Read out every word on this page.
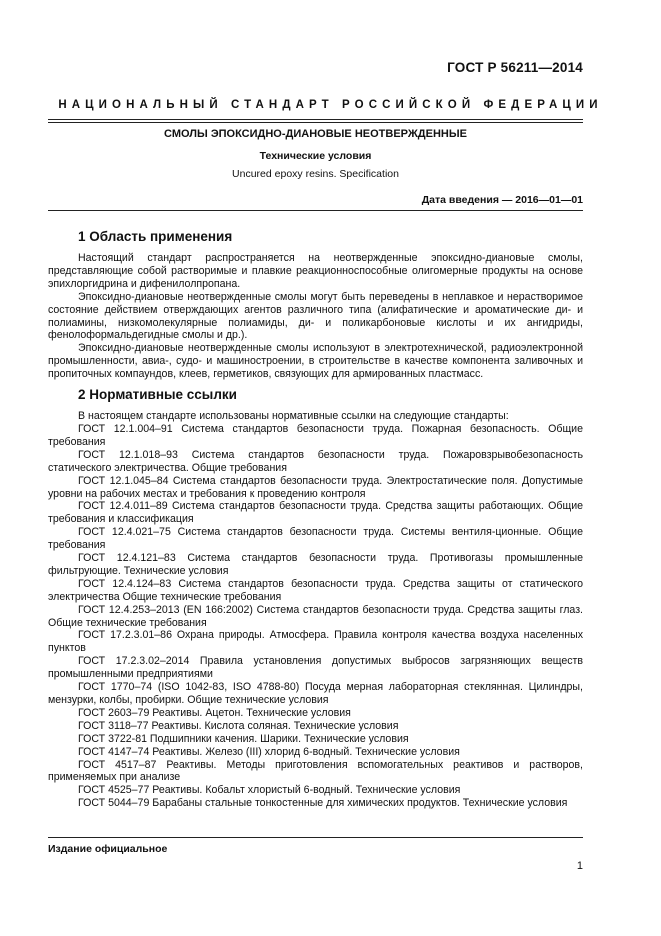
ГОСТ Р 56211—2014
НАЦИОНАЛЬНЫЙ СТАНДАРТ РОССИЙСКОЙ ФЕДЕРАЦИИ
СМОЛЫ ЭПОКСИДНО-ДИАНОВЫЕ НЕОТВЕРЖДЕННЫЕ
Технические условия
Uncured epoxy resins. Specification
Дата введения — 2016—01—01
1 Область применения

Настоящий стандарт распространяется на неотвержденные эпоксидно-диановые смолы, представляющие собой растворимые и плавкие реакционноспособные олигомерные продукты на основе эпихлоргидрина и дифенилолпропана.

Эпоксидно-диановые неотвержденные смолы могут быть переведены в неплавкое и нерастворимое состояние действием отверждающих агентов различного типа (алифатические и ароматические ди- и полиамины, низкомолекулярные полиамиды, ди- и поликарбоновые кислоты и их ангидриды, фенолоформальдегидные смолы и др.).

Эпоксидно-диановые неотвержденные смолы используют в электротехнической, радиоэлектронной промышленности, авиа-, судо- и машиностроении, в строительстве в качестве компонента заливочных и пропиточных компаундов, клеев, герметиков, связующих для армированных пластмасс.

2 Нормативные ссылки

В настоящем стандарте использованы нормативные ссылки на следующие стандарты:

ГОСТ 12.1.004–91 Система стандартов безопасности труда. Пожарная безопасность. Общие требования

ГОСТ 12.1.018–93 Система стандартов безопасности труда. Пожаровзрывобезопасность статического электричества. Общие требования

ГОСТ 12.1.045–84 Система стандартов безопасности труда. Электростатические поля. Допустимые уровни на рабочих местах и требования к проведению контроля

ГОСТ 12.4.011–89 Система стандартов безопасности труда. Средства защиты работающих. Общие требования и классификация

ГОСТ 12.4.021–75 Система стандартов безопасности труда. Системы вентиля-ционные. Общие требования

ГОСТ 12.4.121–83 Система стандартов безопасности труда. Противогазы промышленные фильтрующие. Технические условия

ГОСТ 12.4.124–83 Система стандартов безопасности труда. Средства защиты от статического электричества Общие технические требования

ГОСТ 12.4.253–2013 (EN 166:2002) Система стандартов безопасности труда. Средства защиты глаз. Общие технические требования

ГОСТ 17.2.3.01–86 Охрана природы. Атмосфера. Правила контроля качества воздуха населенных пунктов

ГОСТ 17.2.3.02–2014 Правила установления допустимых выбросов загрязняющих веществ промышленными предприятиями

ГОСТ 1770–74 (ISO 1042-83, ISO 4788-80) Посуда мерная лабораторная стеклянная. Цилиндры, мензурки, колбы, пробирки. Общие технические условия

ГОСТ 2603–79 Реактивы. Ацетон. Технические условия

ГОСТ 3118–77 Реактивы. Кислота соляная. Технические условия

ГОСТ 3722-81 Подшипники качения. Шарики. Технические условия

ГОСТ 4147–74 Реактивы. Железо (III) хлорид 6-водный. Технические условия

ГОСТ 4517–87 Реактивы. Методы приготовления вспомогательных реактивов и растворов, применяемых при анализе

ГОСТ 4525–77 Реактивы. Кобальт хлористый 6-водный. Технические условия

ГОСТ 5044–79 Барабаны стальные тонкостенные для химических продуктов. Технические условия

Издание официальное
1
